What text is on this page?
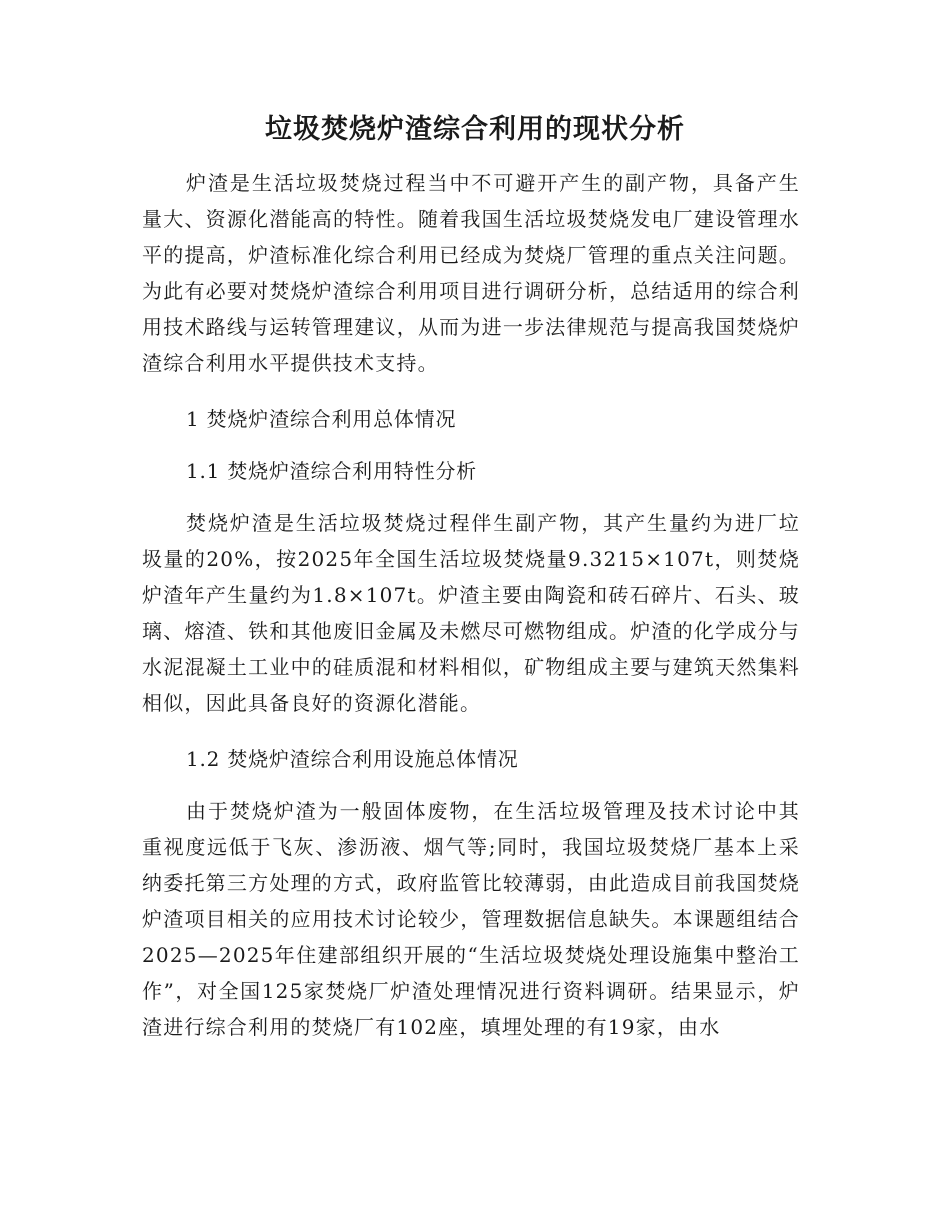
垃圾焚烧炉渣综合利用的现状分析

炉渣是生活垃圾焚烧过程当中不可避开产生的副产物，具备产生量大、资源化潜能高的特性。随着我国生活垃圾焚烧发电厂建设管理水平的提高，炉渣标准化综合利用已经成为焚烧厂管理的重点关注问题。为此有必要对焚烧炉渣综合利用项目进行调研分析，总结适用的综合利用技术路线与运转管理建议，从而为进一步法律规范与提高我国焚烧炉渣综合利用水平提供技术支持。

1 焚烧炉渣综合利用总体情况

1.1 焚烧炉渣综合利用特性分析

焚烧炉渣是生活垃圾焚烧过程伴生副产物，其产生量约为进厂垃圾量的20%，按2025年全国生活垃圾焚烧量9.3215×107t，则焚烧炉渣年产生量约为1.8×107t。炉渣主要由陶瓷和砖石碎片、石头、玻璃、熔渣、铁和其他废旧金属及未燃尽可燃物组成。炉渣的化学成分与水泥混凝土工业中的硅质混和材料相似，矿物组成主要与建筑天然集料相似，因此具备良好的资源化潜能。

1.2 焚烧炉渣综合利用设施总体情况

由于焚烧炉渣为一般固体废物，在生活垃圾管理及技术讨论中其重视度远低于飞灰、渗沥液、烟气等;同时，我国垃圾焚烧厂基本上采纳委托第三方处理的方式，政府监管比较薄弱，由此造成目前我国焚烧炉渣项目相关的应用技术讨论较少，管理数据信息缺失。本课题组结合2025—2025年住建部组织开展的“生活垃圾焚烧处理设施集中整治工作”，对全国125家焚烧厂炉渣处理情况进行资料调研。结果显示，炉渣进行综合利用的焚烧厂有102座，填埋处理的有19家，由水
